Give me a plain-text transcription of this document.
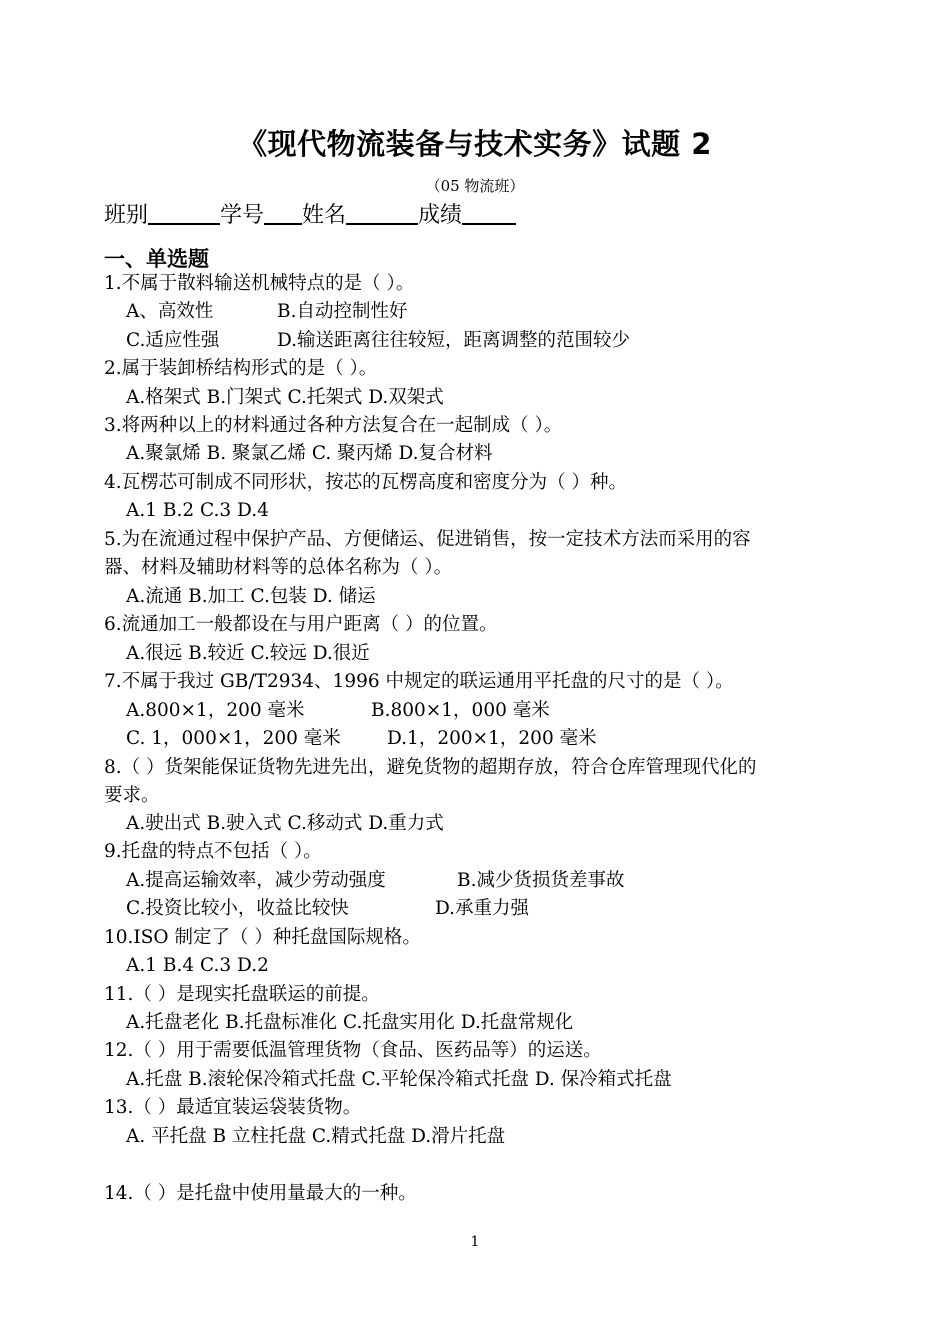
《现代物流装备与技术实务》试题 2
（05 物流班）
班别	学号 姓名	成绩
一、单选题
1.不属于散料输送机械特点的是（ ）。
A、高效性	B.自动控制性好
C.适应性强	D.输送距离往往较短，距离调整的范围较少
2.属于装卸桥结构形式的是（ ）。
A.格架式 B.门架式 C.托架式 D.双架式
3.将两种以上的材料通过各种方法复合在一起制成（ ）。
A.聚氯烯 B. 聚氯乙烯 C. 聚丙烯 D.复合材料
4.瓦楞芯可制成不同形状，按芯的瓦楞高度和密度分为（ ）种。
A.1 B.2 C.3 D.4
5.为在流通过程中保护产品、方便储运、促进销售，按一定技术方法而采用的容
器、材料及辅助材料等的总体名称为（ ）。
A.流通 B.加工 C.包装 D. 储运
6.流通加工一般都设在与用户距离（ ）的位置。
A.很远 B.较近 C.较远 D.很近
7.不属于我过 GB/T2934、1996 中规定的联运通用平托盘的尺寸的是（ ）。
A.800×1，200 毫米	B.800×1，000 毫米
C. 1，000×1，200 毫米 D.1，200×1，200 毫米
8.（ ）货架能保证货物先进先出，避免货物的超期存放，符合仓库管理现代化的
要求。
A.驶出式 B.驶入式 C.移动式 D.重力式
9.托盘的特点不包括（ ）。
A.提高运输效率，减少劳动强度	B.减少货损货差事故
C.投资比较小，收益比较快	D.承重力强
10.ISO 制定了（ ）种托盘国际规格。
A.1 B.4 C.3 D.2
11.（ ）是现实托盘联运的前提。
A.托盘老化 B.托盘标准化 C.托盘实用化 D.托盘常规化
12.（ ）用于需要低温管理货物（食品、医药品等）的运送。
A.托盘 B.滚轮保冷箱式托盘 C.平轮保冷箱式托盘 D. 保冷箱式托盘
13.（ ）最适宜装运袋装货物。
A. 平托盘 B 立柱托盘 C.精式托盘 D.滑片托盘
14.（ ）是托盘中使用量最大的一种。
1
